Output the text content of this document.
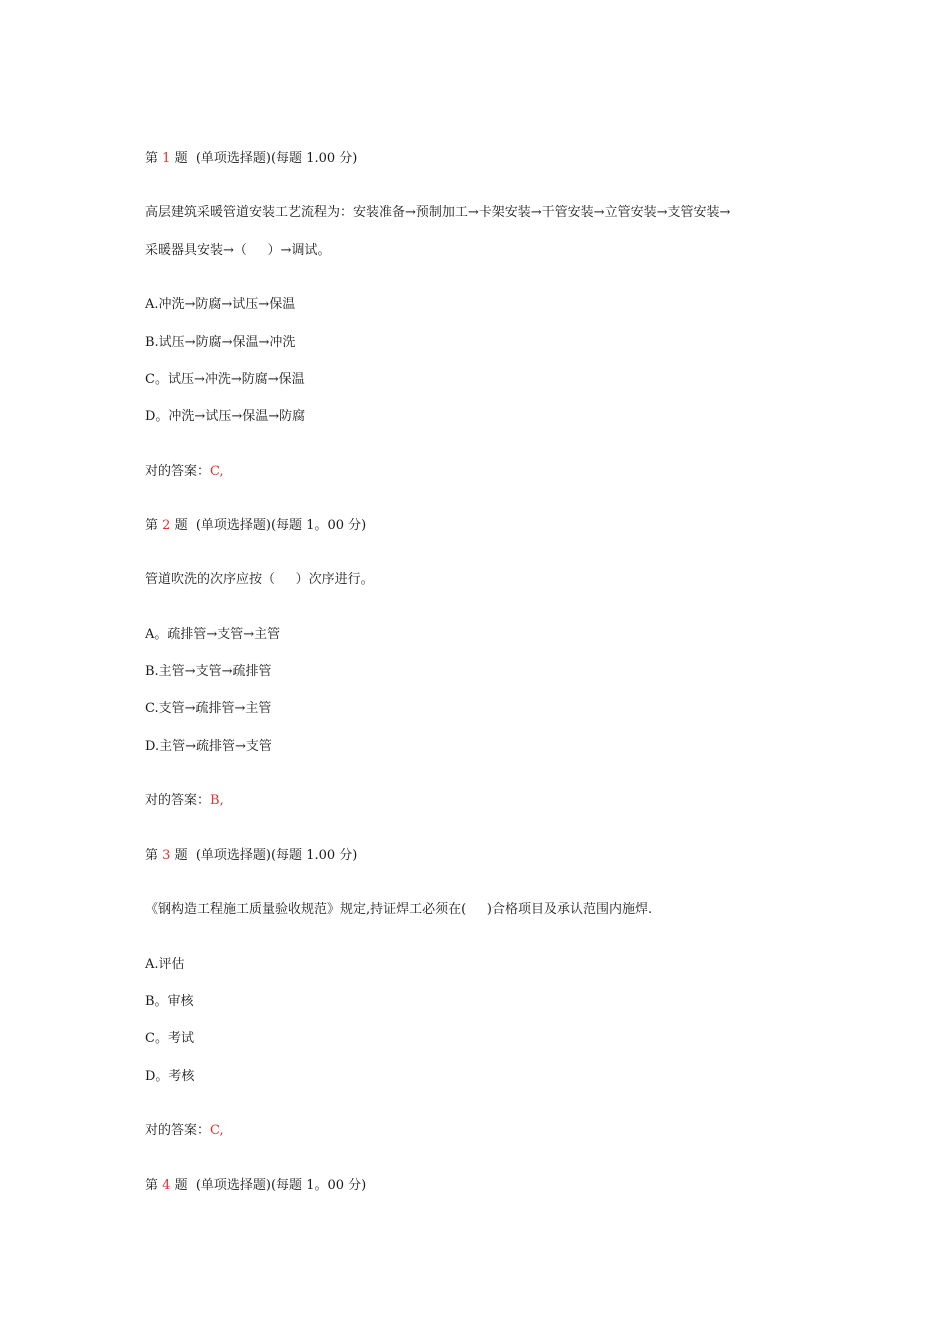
第 1 题  (单项选择题)(每题 1.00 分)
高层建筑采暖管道安装工艺流程为：安装准备→预制加工→卡架安装→干管安装→立管安装→支管安装→
采暖器具安装→（     ）→调试。
A.冲洗→防腐→试压→保温
B.试压→防腐→保温→冲洗
C。试压→冲洗→防腐→保温
D。冲洗→试压→保温→防腐
对的答案：C,
第 2 题  (单项选择题)(每题 1。00 分)
管道吹洗的次序应按（     ）次序进行。
A。疏排管→支管→主管
B.主管→支管→疏排管
C.支管→疏排管→主管
D.主管→疏排管→支管
对的答案：B,
第 3 题  (单项选择题)(每题 1.00 分)
《钢构造工程施工质量验收规范》规定,持证焊工必须在(     )合格项目及承认范围内施焊.
A.评估
B。审核
C。考试
D。考核
对的答案：C,
第 4 题  (单项选择题)(每题 1。00 分)
